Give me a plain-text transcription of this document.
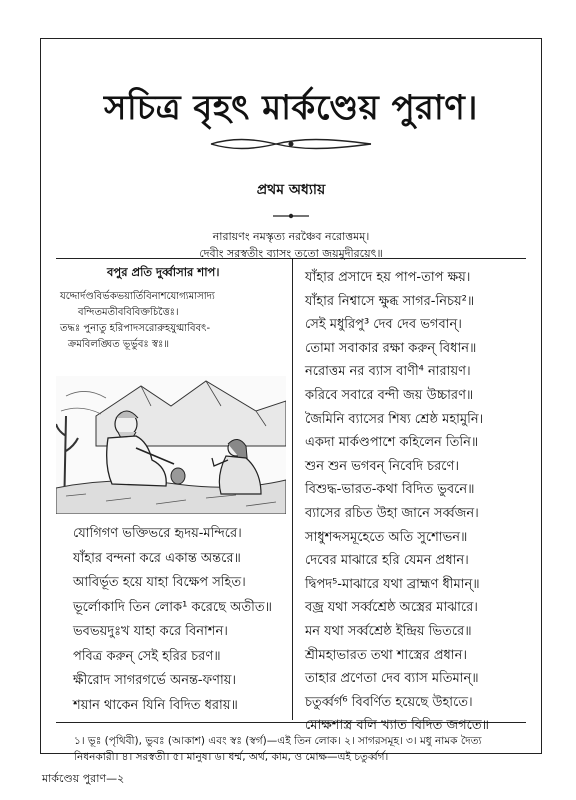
সচিত্র বৃহৎ মার্কণ্ডেয় পুরাণ।
প্রথম অধ্যায়
নারায়ণং নমস্কৃত্য নরঞ্চৈব নরোত্তমম্‌।
দেবীং সরস্বতীং ব্যাসং ততো জয়মুদীরয়েৎ॥
বপুর প্রতি দুর্ব্বাসার শাপ।
যদ্দোর্দণ্ডবির্ভকভয়ার্তিবিনাশযোগ্যমাসাদ্য
বন্দিতমতীববিবিক্তচিত্তৈঃ।
তদ্ধঃ পুনাতু হরিপাদসরোরুহযুগ্মাবিবৎ-
ক্রমবিলঙ্ঘিত ভূর্ভুবঃ স্বঃ॥
যোগিগণ ভক্তিভরে হৃদয়-মন্দিরে।
যাঁহার বন্দনা করে একান্ত অন্তরে॥
আবির্ভূত হয়ে যাহা বিক্ষেপ সহিত।
ভূর্লোকাদি তিন লোক¹ করেছে অতীত॥
ভবভয়দুঃখ যাহা করে বিনাশন।
পবিত্র করুন্‌ সেই হরির চরণ॥
ক্ষীরোদ সাগরগর্ভে অনন্ত-ফণায়।
শয়ান থাকেন যিনি বিদিত ধরায়॥
যাঁহার প্রসাদে হয় পাপ-তাপ ক্ষয়।
যাঁহার নিশ্বাসে ক্ষুব্ধ সাগর-নিচয়²॥
সেই মধুরিপু³ দেব দেব ভগবান্‌।
তোমা সবাকার রক্ষা করুন্‌ বিধান॥
নরোত্তম নর ব্যাস বাণী⁴ নারায়ণ।
করিবে সবারে বন্দী জয় উচ্চারণ॥
জৈমিনি ব্যাসের শিষ্য শ্রেষ্ঠ মহামুনি।
একদা মার্কণ্ডপাশে কহিলেন তিনি॥
শুন শুন ভগবন্‌ নিবেদি চরণে।
বিশুদ্ধ-ভারত-কথা বিদিত ভুবনে॥
ব্যাসের রচিত উহা জানে সর্ব্বজন।
সাধুশব্দসমূহেতে অতি সুশোভন॥
দেবের মাঝারে হরি যেমন প্রধান।
দ্বিপদ⁵-মাঝারে যথা ব্রাহ্মণ ধীমান্‌॥
বজ্র যথা সর্ব্বশ্রেষ্ঠ অস্ত্রের মাঝারে।
মন যথা সর্ব্বশ্রেষ্ঠ ইন্দ্রিয় ভিতরে॥
শ্রীমহাভারত তথা শাস্ত্রের প্রধান।
তাহার প্রণেতা দেব ব্যাস মতিমান্‌॥
চতুর্ব্বর্গ⁶ বিবর্ণিত হয়েছে উহাতে।
মোক্ষশাস্ত্র বলি খ্যাত বিদিত জগতে॥
১। ভূঃ (পৃথিবী), ভুবঃ (আকাশ) এবং স্বঃ (স্বর্গ)—এই তিন লোক। ২। সাগরসমূহ। ৩। মধু নামক দৈত্য
নিধনকারী। ৪। সরস্বতী। ৫। মানুষ। ৬। ধর্ম্ম, অর্থ, কাম, ও মোক্ষ—এই চতুর্ব্বর্গ।
মার্কণ্ডেয় পুরাণ—২
